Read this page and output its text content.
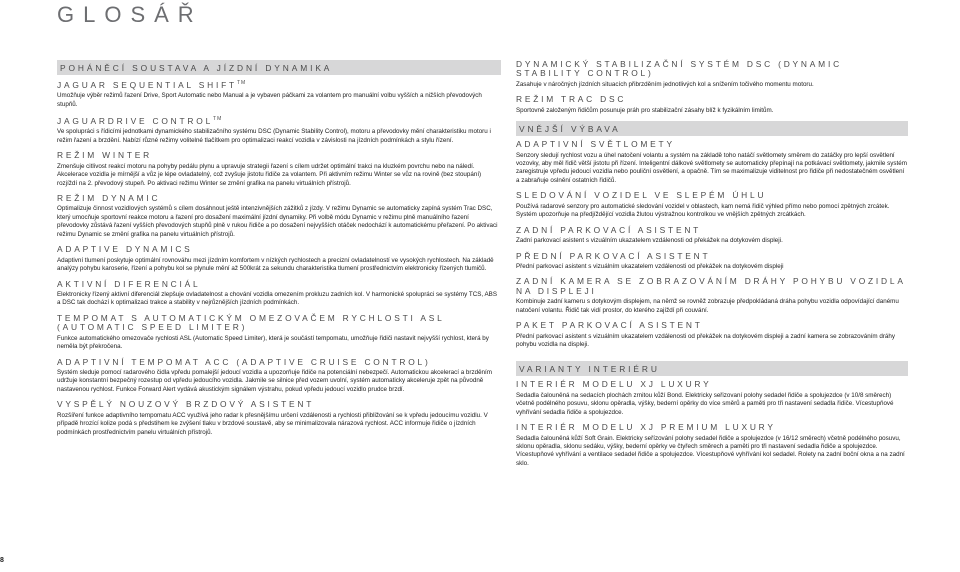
GLOSÁŘ
POHÁNĚCÍ SOUSTAVA A JÍZDNÍ DYNAMIKA
JAGUAR SEQUENTIAL SHIFT™

Umožňuje výběr režimů řazení Drive, Sport Automatic nebo Manual a je vybaven páčkami za volantem pro manuální volbu vyšších a nižších převodových stupňů.

JAGUARDRIVE CONTROL™

Ve spolupráci s řídicími jednotkami dynamického stabilizačního systému DSC (Dynamic Stability Control), motoru a převodovky mění charakteristiku motoru i režim řazení a brzdění. Nabízí různé režimy volitelné tlačítkem pro optimalizaci reakcí vozidla v závislosti na jízdních podmínkách a stylu řízení.

REŽIM WINTER

Zmenšuje citlivost reakcí motoru na pohyby pedálu plynu a upravuje strategii řazení s cílem udržet optimální trakci na kluzkém povrchu nebo na náledí. Akcelerace vozidla je mírnější a vůz je lépe ovladatelný, což zvyšuje jistotu řidiče za volantem. Při aktivním režimu Winter se vůz na rovině (bez stoupání) rozjíždí na 2. převodový stupeň. Po aktivaci režimu Winter se změní grafika na panelu virtuálních přístrojů.

REŽIM DYNAMIC

Optimalizuje činnost vozidlových systémů s cílem dosáhnout ještě intenzivnějších zážitků z jízdy. V režimu Dynamic se automaticky zapíná systém Trac DSC, který umocňuje sportovní reakce motoru a řazení pro dosažení maximální jízdní dynamiky. Při volbě módu Dynamic v režimu plně manuálního řazení převodovky zůstává řazení vyšších převodových stupňů plně v rukou řidiče a po dosažení nejvyšších otáček nedochází k automatickému přeřazení. Po aktivaci režimu Dynamic se změní grafika na panelu virtuálních přístrojů.

ADAPTIVE DYNAMICS

Adaptivní tlumení poskytuje optimální rovnováhu mezi jízdním komfortem v nízkých rychlostech a precizní ovladatelností ve vysokých rychlostech. Na základě analýzy pohybu karoserie, řízení a pohybu kol se plynule mění až 500krát za sekundu charakteristika tlumení prostřednictvím elektronicky řízených tlumičů.

AKTIVNÍ DIFERENCIÁL

Elektronicky řízený aktivní diferenciál zlepšuje ovladatelnost a chování vozidla omezením prokluzu zadních kol. V harmonické spolupráci se systémy TCS, ABS a DSC tak dochází k optimalizaci trakce a stability v nejrůznějších jízdních podmínkách.

TEMPOMAT S AUTOMATICKÝM OMEZOVAČEM RYCHLOSTI ASL (AUTOMATIC SPEED LIMITER)

Funkce automatického omezovače rychlosti ASL (Automatic Speed Limiter), která je součástí tempomatu, umožňuje řidiči nastavit nejvyšší rychlost, která by neměla být překročena.

ADAPTIVNÍ TEMPOMAT ACC (ADAPTIVE CRUISE CONTROL)

Systém sleduje pomocí radarového čidla vpředu pomalejší jedoucí vozidla a upozorňuje řidiče na potenciální nebezpečí. Automatickou akcelerací a brzděním udržuje konstantní bezpečný rozestup od vpředu jedoucího vozidla. Jakmile se silnice před vozem uvolní, systém automaticky akceleruje zpět na původně nastavenou rychlost. Funkce Forward Alert vydává akustickým signálem výstrahu, pokud vpředu jedoucí vozidlo prudce brzdí.

VYSPĚLÝ NOUZOVÝ BRZDOVÝ ASISTENT

Rozšíření funkce adaptivního tempomatu ACC využívá jeho radar k přesnějšímu určení vzdálenosti a rychlosti přibližování se k vpředu jedoucímu vozidlu. V případě hrozící kolize podá s předstihem ke zvýšení tlaku v brzdové soustavě, aby se minimalizovala nárazová rychlost. ACC informuje řidiče o jízdních podmínkách prostřednictvím panelu virtuálních přístrojů.

DYNAMICKÝ STABILIZAČNÍ SYSTÉM DSC (DYNAMIC STABILITY CONTROL)

Zasahuje v náročných jízdních situacích přibrzděním jednotlivých kol a snížením točivého momentu motoru.

REŽIM TRAC DSC

Sportovně založeným řidičům posunuje práh pro stabilizační zásahy blíž k fyzikálním limitům.

VNĚJŠÍ VÝBAVA
ADAPTIVNÍ SVĚTLOMETY

Senzory sledují rychlost vozu a úhel natočení volantu a systém na základě toho natáčí světlomety směrem do zatáčky pro lepší osvětlení vozovky, aby měl řidič větší jistotu při řízení. Inteligentní dálkové světlomety se automaticky přepínají na potkávací světlomety, jakmile systém zaregistruje vpředu jedoucí vozidla nebo pouliční osvětlení, a opačně. Tím se maximalizuje viditelnost pro řidiče při nedostatečném osvětlení a zabraňuje oslnění ostatních řidičů.

SLEDOVÁNÍ VOZIDEL VE SLEPÉM ÚHLU

Používá radarové senzory pro automatické sledování vozidel v oblastech, kam nemá řidič výhled přímo nebo pomocí zpětných zrcátek. Systém upozorňuje na předjíždějící vozidla žlutou výstražnou kontrolkou ve vnějších zpětných zrcátkách.

ZADNÍ PARKOVACÍ ASISTENT

Zadní parkovací asistent s vizuálním ukazatelem vzdálenosti od překážek na dotykovém displeji.

PŘEDNÍ PARKOVACÍ ASISTENT

Přední parkovací asistent s vizuálním ukazatelem vzdálenosti od překážek na dotykovém displeji

ZADNÍ KAMERA SE ZOBRAZOVÁNÍM DRÁHY POHYBU VOZIDLA NA DISPLEJI

Kombinuje zadní kameru s dotykovým displejem, na němž se rovněž zobrazuje předpokládaná dráha pohybu vozidla odpovídající danému natočení volantu. Řidič tak vidí prostor, do kterého zajíždí při couvání.

PAKET PARKOVACÍ ASISTENT

Přední parkovací asistent s vizuálním ukazatelem vzdálenosti od překážek na dotykovém displeji a zadní kamera se zobrazováním dráhy pohybu vozidla na displeji.

VARIANTY INTERIÉRU
INTERIÉR MODELU XJ LUXURY

Sedadla čalouněná na sedacích plochách zrnitou kůží Bond. Elektricky seřizovaní polohy sedadel řidiče a spolujezdce (v 10/8 směrech) včetně podélného posuvu, sklonu opěradla, výšky, bederní opěrky do více směrů a paměti pro tři nastavení sedadla řidiče. Vícestupňové vyhřívání sedadla řidiče a spolujezdce.

INTERIÉR MODELU XJ PREMIUM LUXURY

Sedadla čalouněná kůží Soft Grain. Elektricky seřízování polohy sedadel řidiče a spolujezdce (v 16/12 směrech) včetně podélného posuvu, sklonu opěradla, sklonu sedáku, výšky, bederní opěrky ve čtyřech směrech a paměti pro tři nastavení sedadla řidiče a spolujezdce. Vícestupňové vyhřívání a ventilace sedadel řidiče a spolujezdce. Vícestupňové vyhřívání kol sedadel. Rolety na zadní boční okna a na zadní sklo.

8
